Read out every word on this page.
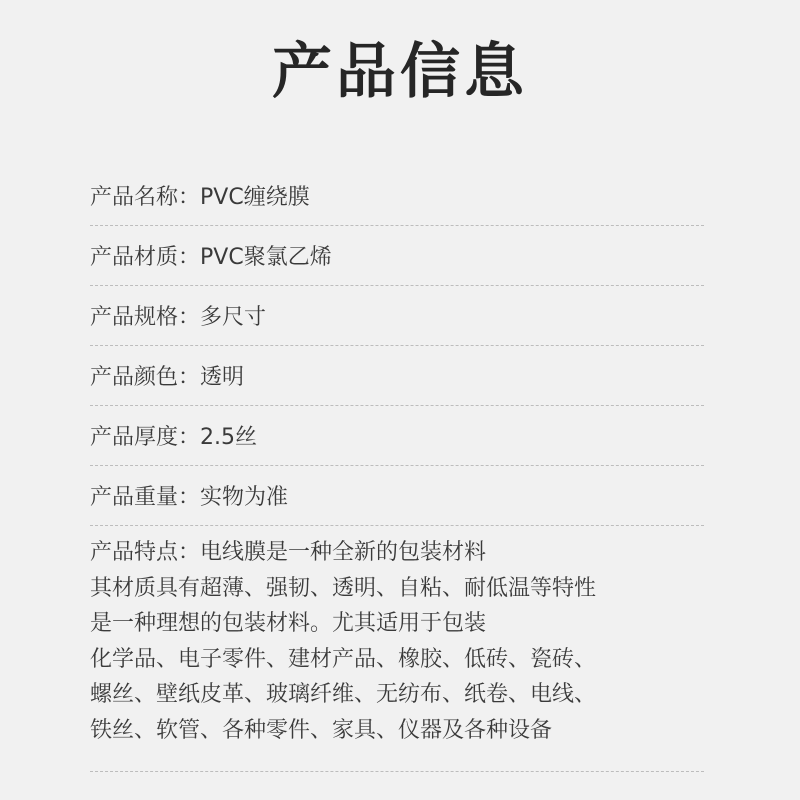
产品信息
产品名称： PVC缠绕膜
产品材质： PVC聚氯乙烯
产品规格： 多尺寸
产品颜色： 透明
产品厚度： 2.5丝
产品重量： 实物为准
产品特点：电线膜是一种全新的包装材料
其材质具有超薄、强韧、透明、自粘、耐低温等特性
是一种理想的包装材料。尤其适用于包装
化学品、电子零件、建材产品、橡胶、低砖、瓷砖、
螺丝、壁纸皮革、玻璃纤维、无纺布、纸卷、电线、
铁丝、软管、各种零件、家具、仪器及各种设备
